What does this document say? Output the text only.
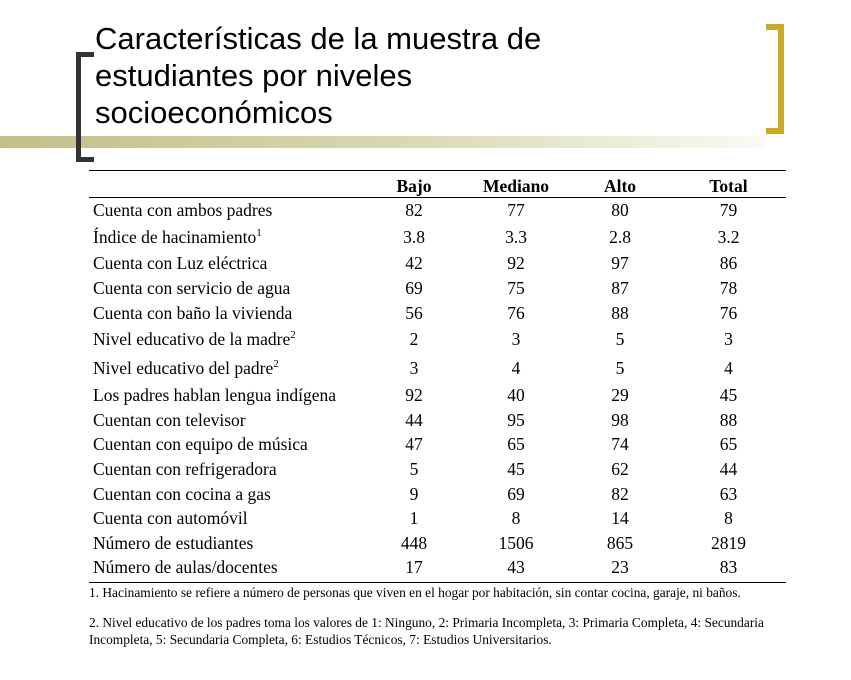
Características de la muestra de
estudiantes por niveles
socioeconómicos
	Bajo	Mediano	Alto	Total
Cuenta con ambos padres	82	77	80	79
Índice de hacinamiento$^1$	3.8	3.3	2.8	3.2
Cuenta con Luz eléctrica	42	92	97	86
Cuenta con servicio de agua	69	75	87	78
Cuenta con baño la vivienda	56	76	88	76
Nivel educativo de la madre$^2$	2	3	5	3
Nivel educativo del padre$^2$	3	4	5	4
Los padres hablan lengua indígena	92	40	29	45
Cuentan con televisor	44	95	98	88
Cuentan con equipo de música	47	65	74	65
Cuentan con refrigeradora	5	45	62	44
Cuentan con cocina a gas	9	69	82	63
Cuenta con automóvil	1	8	14	8
Número de estudiantes	448	1506	865	2819
Número de aulas/docentes	17	43	23	83

1. Hacinamiento se refiere a número de personas que viven en el hogar por habitación, sin contar cocina, garaje, ni baños.

2. Nivel educativo de los padres toma los valores de 1: Ninguno, 2: Primaria Incompleta, 3: Primaria Completa, 4: Secundaria Incompleta, 5: Secundaria Completa, 6: Estudios Técnicos, 7: Estudios Universitarios.
